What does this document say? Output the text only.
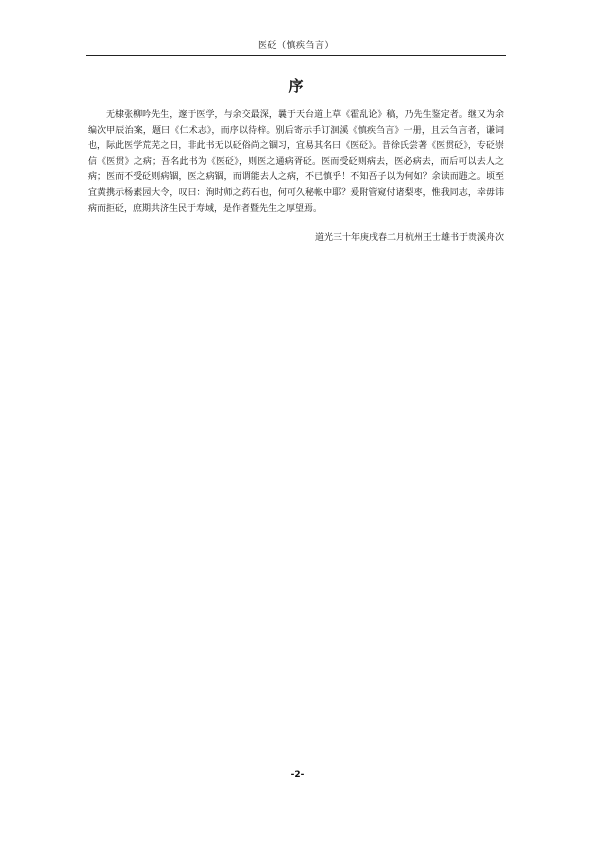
医砭（慎疾刍言）
序

无棣张柳吟先生，邃于医学，与余交最深，曩于天台道上草《霍乱论》稿，乃先生鉴定者。继又为余编次甲辰治案，题曰《仁术志》，而序以待梓。别后寄示手订洄溪《慎疾刍言》一册，且云刍言者，谦词也，际此医学荒芜之日，非此书无以砭俗尚之锢习，宜易其名曰《医砭》。昔徐氏尝著《医贯砭》，专砭崇信《医贯》之病；吾名此书为《医砭》，则医之通病胥砭。医而受砭则病去，医必病去，而后可以去人之病；医而不受砭则病锢，医之病锢，而谓能去人之病，不已慎乎！不知吾子以为何如？余读而韪之。顷至宜黄携示杨素园大令，叹曰：洵时师之药石也，何可久秘帐中耶？爰附管窥付诸梨枣，惟我同志，幸毋讳病而拒砭，庶期共济生民于寿域，是作者暨先生之厚望焉。

道光三十年庚戌春二月杭州王士雄书于贵溪舟次

-2-
